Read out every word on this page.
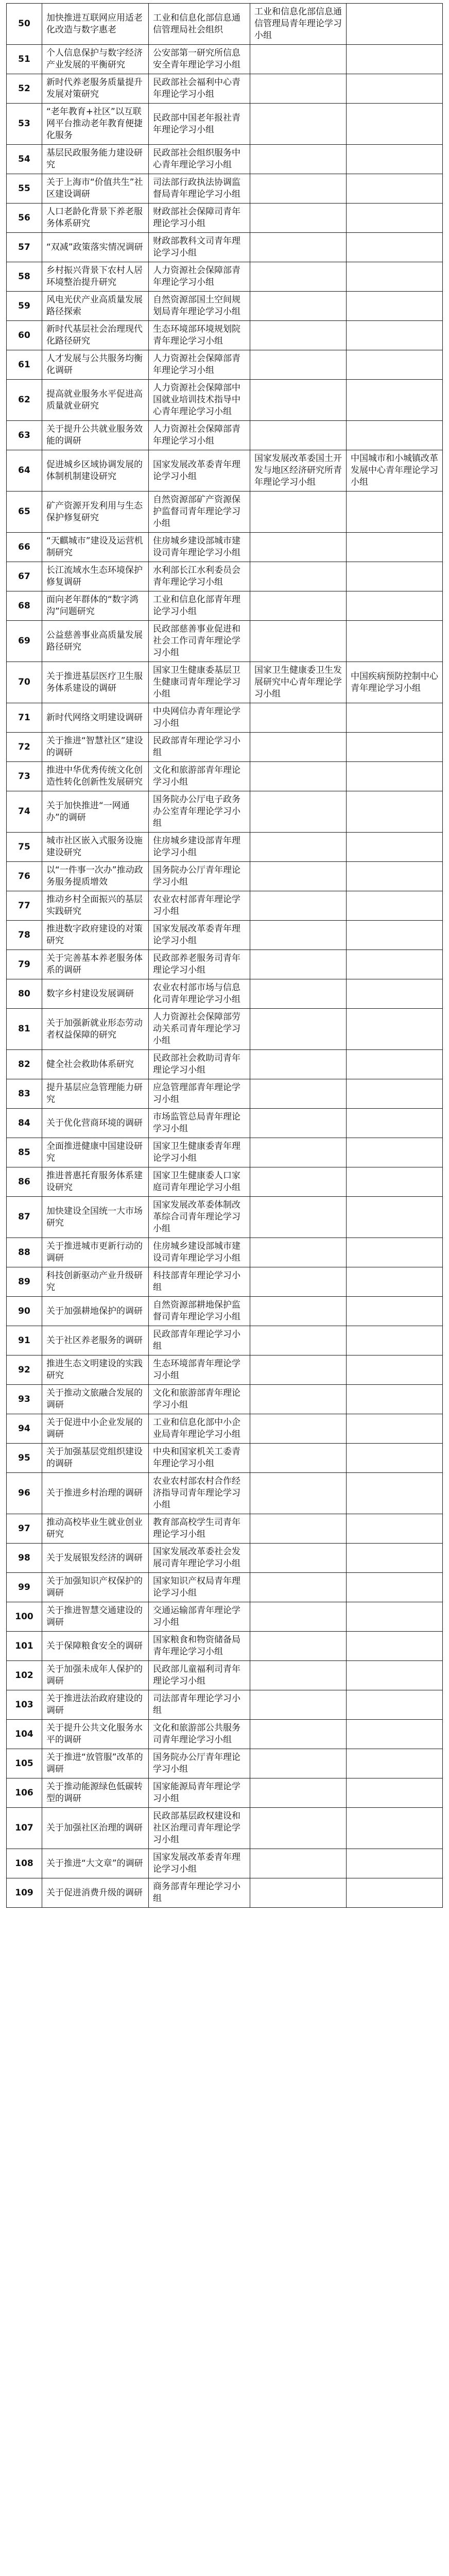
50	加快推进互联网应用适老化改造与数字惠老	工业和信息化部信息通信管理局社会组织	工业和信息化部信息通信管理局青年理论学习小组	
51	个人信息保护与数字经济产业发展的平衡研究	公安部第一研究所信息安全青年理论学习小组		
52	新时代养老服务质量提升发展对策研究	民政部社会福利中心青年理论学习小组		
53	“老年教育+社区”以互联网平台推动老年教育便捷化服务	民政部中国老年报社青年理论学习小组		
54	基层民政服务能力建设研究	民政部社会组织服务中心青年理论学习小组		
55	关于上海市“价值共生”社区建设调研	司法部行政执法协调监督局青年理论学习小组		
56	人口老龄化背景下养老服务体系研究	财政部社会保障司青年理论学习小组		
57	“双减”政策落实情况调研	财政部教科文司青年理论学习小组		
58	乡村振兴背景下农村人居环境整治提升研究	人力资源社会保障部青年理论学习小组		
59	风电光伏产业高质量发展路径探索	自然资源部国土空间规划局青年理论学习小组		
60	新时代基层社会治理现代化路径研究	生态环境部环境规划院青年理论学习小组		
61	人才发展与公共服务均衡化调研	人力资源社会保障部青年理论学习小组		
62	提高就业服务水平促进高质量就业研究	人力资源社会保障部中国就业培训技术指导中心青年理论学习小组		
63	关于提升公共就业服务效能的调研	人力资源社会保障部青年理论学习小组		
64	促进城乡区域协调发展的体制机制建设研究	国家发展改革委青年理论学习小组	国家发展改革委国土开发与地区经济研究所青年理论学习小组	中国城市和小城镇改革发展中心青年理论学习小组
65	矿产资源开发利用与生态保护修复研究	自然资源部矿产资源保护监督司青年理论学习小组		
66	“天麒城市”建设及运营机制研究	住房城乡建设部城市建设司青年理论学习小组		
67	长江流域水生态环境保护修复调研	水利部长江水利委员会青年理论学习小组		
68	面向老年群体的“数字鸿沟”问题研究	工业和信息化部青年理论学习小组		
69	公益慈善事业高质量发展路径研究	民政部慈善事业促进和社会工作司青年理论学习小组		
70	关于推进基层医疗卫生服务体系建设的调研	国家卫生健康委基层卫生健康司青年理论学习小组	国家卫生健康委卫生发展研究中心青年理论学习小组	中国疾病预防控制中心青年理论学习小组
71	新时代网络文明建设调研	中央网信办青年理论学习小组		
72	关于推进“智慧社区”建设的调研	民政部青年理论学习小组		
73	推进中华优秀传统文化创造性转化创新性发展研究	文化和旅游部青年理论学习小组		
74	关于加快推进“一网通办”的调研	国务院办公厅电子政务办公室青年理论学习小组		
75	城市社区嵌入式服务设施建设研究	住房城乡建设部青年理论学习小组		
76	以“一件事一次办”推动政务服务提质增效	国务院办公厅青年理论学习小组		
77	推动乡村全面振兴的基层实践研究	农业农村部青年理论学习小组		
78	推进数字政府建设的对策研究	国家发展改革委青年理论学习小组		
79	关于完善基本养老服务体系的调研	民政部养老服务司青年理论学习小组		
80	数字乡村建设发展调研	农业农村部市场与信息化司青年理论学习小组		
81	关于加强新就业形态劳动者权益保障的研究	人力资源社会保障部劳动关系司青年理论学习小组		
82	健全社会救助体系研究	民政部社会救助司青年理论学习小组		
83	提升基层应急管理能力研究	应急管理部青年理论学习小组		
84	关于优化营商环境的调研	市场监管总局青年理论学习小组		
85	全面推进健康中国建设研究	国家卫生健康委青年理论学习小组		
86	推进普惠托育服务体系建设研究	国家卫生健康委人口家庭司青年理论学习小组		
87	加快建设全国统一大市场研究	国家发展改革委体制改革综合司青年理论学习小组		
88	关于推进城市更新行动的调研	住房城乡建设部城市建设司青年理论学习小组		
89	科技创新驱动产业升级研究	科技部青年理论学习小组		
90	关于加强耕地保护的调研	自然资源部耕地保护监督司青年理论学习小组		
91	关于社区养老服务的调研	民政部青年理论学习小组		
92	推进生态文明建设的实践研究	生态环境部青年理论学习小组		
93	关于推动文旅融合发展的调研	文化和旅游部青年理论学习小组		
94	关于促进中小企业发展的调研	工业和信息化部中小企业局青年理论学习小组		
95	关于加强基层党组织建设的调研	中央和国家机关工委青年理论学习小组		
96	关于推进乡村治理的调研	农业农村部农村合作经济指导司青年理论学习小组		
97	推动高校毕业生就业创业研究	教育部高校学生司青年理论学习小组		
98	关于发展银发经济的调研	国家发展改革委社会发展司青年理论学习小组		
99	关于加强知识产权保护的调研	国家知识产权局青年理论学习小组		
100	关于推进智慧交通建设的调研	交通运输部青年理论学习小组		
101	关于保障粮食安全的调研	国家粮食和物资储备局青年理论学习小组		
102	关于加强未成年人保护的调研	民政部儿童福利司青年理论学习小组		
103	关于推进法治政府建设的调研	司法部青年理论学习小组		
104	关于提升公共文化服务水平的调研	文化和旅游部公共服务司青年理论学习小组		
105	关于推进“放管服”改革的调研	国务院办公厅青年理论学习小组		
106	关于推动能源绿色低碳转型的调研	国家能源局青年理论学习小组		
107	关于加强社区治理的调研	民政部基层政权建设和社区治理司青年理论学习小组		
108	关于推进“大文章”的调研	国家发展改革委青年理论学习小组		
109	关于促进消费升级的调研	商务部青年理论学习小组		
